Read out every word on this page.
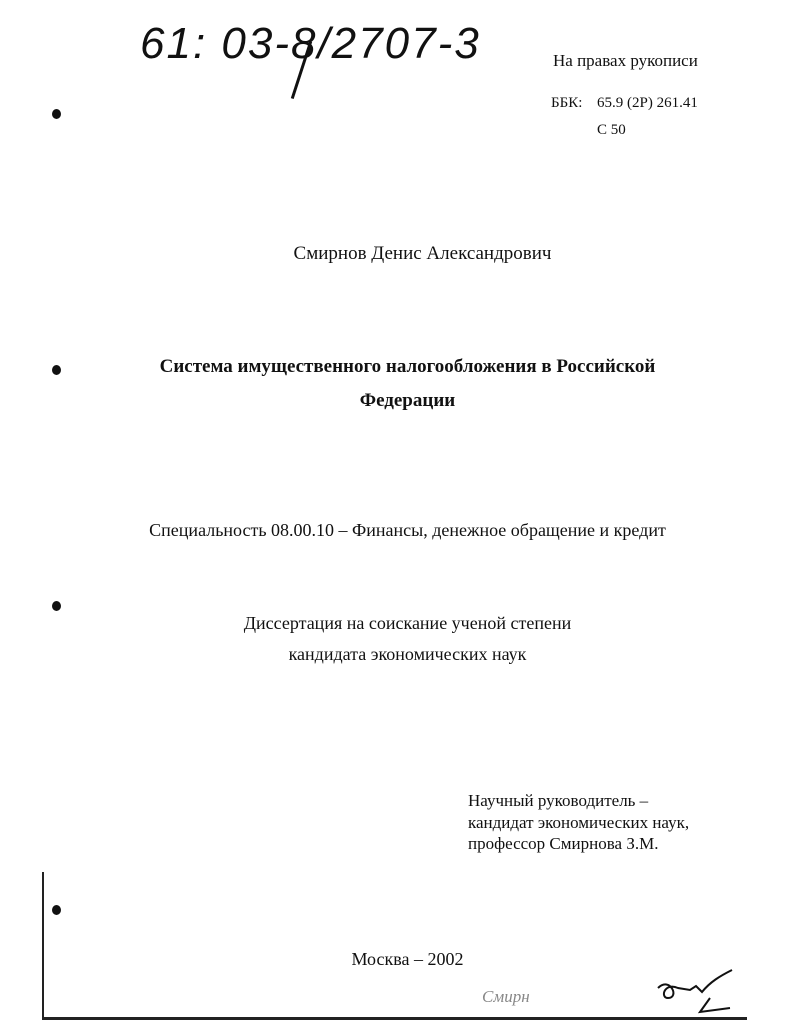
61: 03-8/2707-3	На правах рукописи
ББК: 65.9 (2Р) 261.41
С 50
Смирнов Денис Александрович
Система имущественного налогообложения в Российской
Федерации
Специальность 08.00.10 – Финансы, денежное обращение и кредит
Диссертация на соискание ученой степени
кандидата экономических наук
Научный руководитель –
кандидат экономических наук,
профессор Смирнова З.М.
Москва – 2002
Смирн
